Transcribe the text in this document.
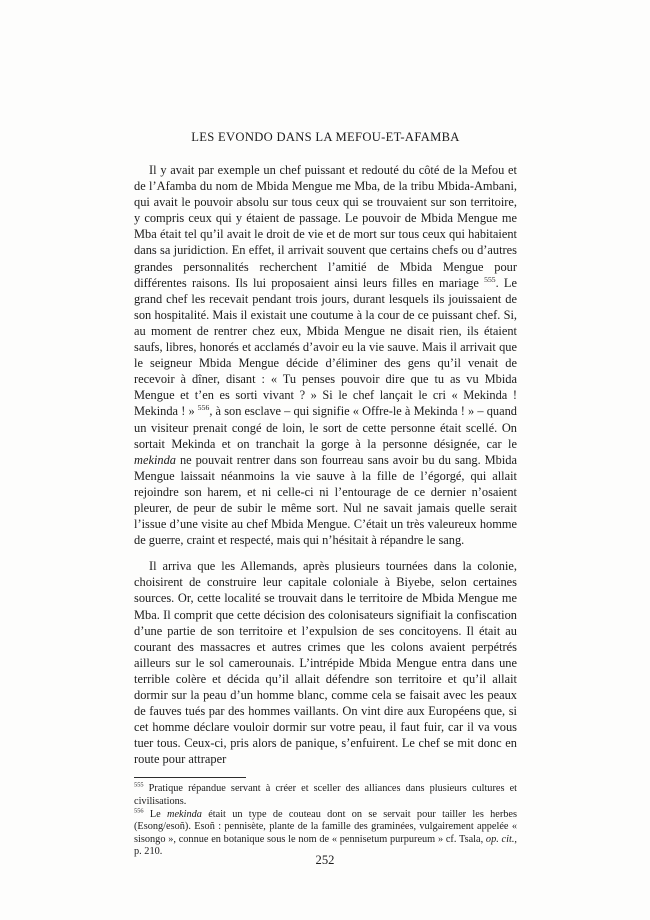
LES EVONDO DANS LA MEFOU-ET-AFAMBA

Il y avait par exemple un chef puissant et redouté du côté de la Mefou et de l’Afamba du nom de Mbida Mengue me Mba, de la tribu Mbida-Ambani, qui avait le pouvoir absolu sur tous ceux qui se trouvaient sur son territoire, y compris ceux qui y étaient de passage. Le pouvoir de Mbida Mengue me Mba était tel qu’il avait le droit de vie et de mort sur tous ceux qui habitaient dans sa juridiction. En effet, il arrivait souvent que certains chefs ou d’autres grandes personnalités recherchent l’amitié de Mbida Mengue pour différentes raisons. Ils lui proposaient ainsi leurs filles en mariage $^{555}$. Le grand chef les recevait pendant trois jours, durant lesquels ils jouissaient de son hospitalité. Mais il existait une coutume à la cour de ce puissant chef. Si, au moment de rentrer chez eux, Mbida Mengue ne disait rien, ils étaient saufs, libres, honorés et acclamés d’avoir eu la vie sauve. Mais il arrivait que le seigneur Mbida Mengue décide d’éliminer des gens qu’il venait de recevoir à dîner, disant : « Tu penses pouvoir dire que tu as vu Mbida Mengue et t’en es sorti vivant ? » Si le chef lançait le cri « Mekinda ! Mekinda ! » $^{556}$, à son esclave – qui signifie « Offre-le à Mekinda ! » – quand un visiteur prenait congé de loin, le sort de cette personne était scellé. On sortait Mekinda et on tranchait la gorge à la personne désignée, car le mekinda ne pouvait rentrer dans son fourreau sans avoir bu du sang. Mbida Mengue laissait néanmoins la vie sauve à la fille de l’égorgé, qui allait rejoindre son harem, et ni celle-ci ni l’entourage de ce dernier n’osaient pleurer, de peur de subir le même sort. Nul ne savait jamais quelle serait l’issue d’une visite au chef Mbida Mengue. C’était un très valeureux homme de guerre, craint et respecté, mais qui n’hésitait à répandre le sang.

Il arriva que les Allemands, après plusieurs tournées dans la colonie, choisirent de construire leur capitale coloniale à Biyebe, selon certaines sources. Or, cette localité se trouvait dans le territoire de Mbida Mengue me Mba. Il comprit que cette décision des colonisateurs signifiait la confiscation d’une partie de son territoire et l’expulsion de ses concitoyens. Il était au courant des massacres et autres crimes que les colons avaient perpétrés ailleurs sur le sol camerounais. L’intrépide Mbida Mengue entra dans une terrible colère et décida qu’il allait défendre son territoire et qu’il allait dormir sur la peau d’un homme blanc, comme cela se faisait avec les peaux de fauves tués par des hommes vaillants. On vint dire aux Européens que, si cet homme déclare vouloir dormir sur votre peau, il faut fuir, car il va vous tuer tous. Ceux-ci, pris alors de panique, s’enfuirent. Le chef se mit donc en route pour attraper

$^{555}$ Pratique répandue servant à créer et sceller des alliances dans plusieurs cultures et civilisations.

$^{556}$ Le mekinda était un type de couteau dont on se servait pour tailler les herbes (Esong/esoñ). Esoñ : pennisète, plante de la famille des graminées, vulgairement appelée « sisongo », connue en botanique sous le nom de « pennisetum purpureum » cf. Tsala, op. cit., p. 210.

252
